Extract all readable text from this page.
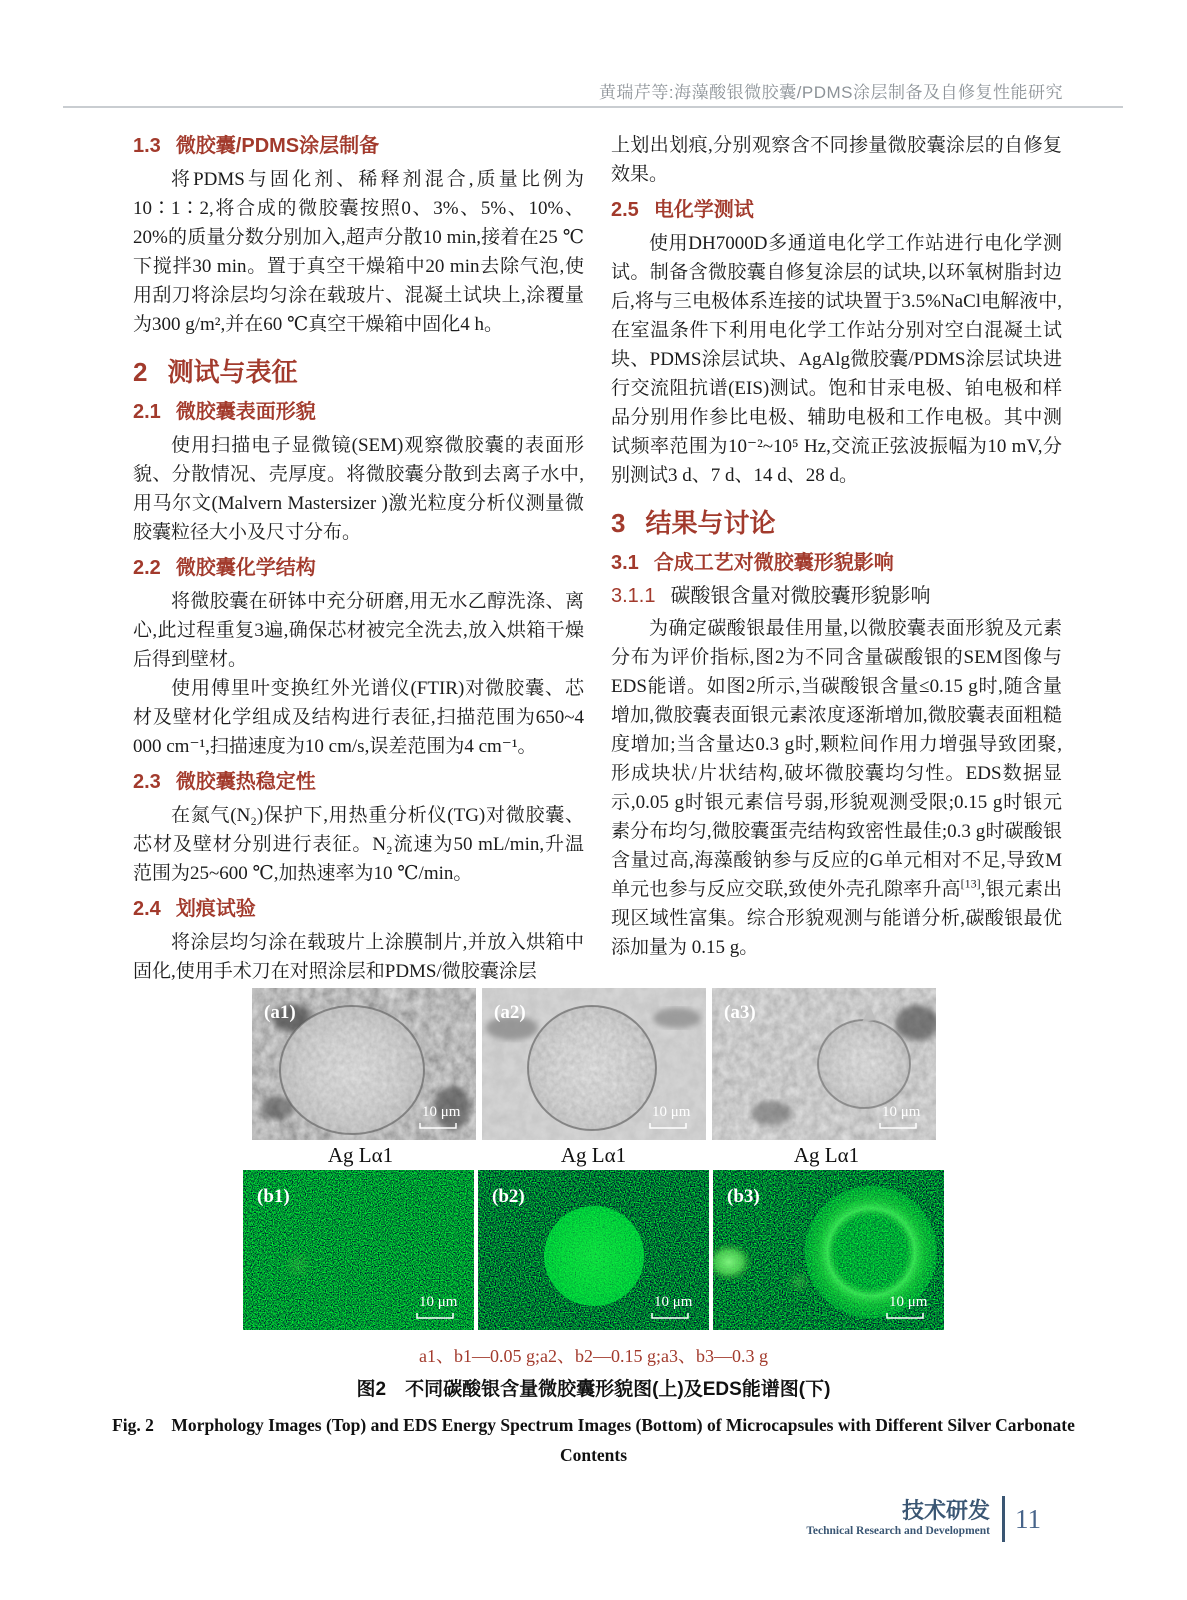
黄瑞芹等:海藻酸银微胶囊/PDMS涂层制备及自修复性能研究
1.3 微胶囊/PDMS涂层制备

将PDMS与固化剂、稀释剂混合,质量比例为10∶1∶2,将合成的微胶囊按照0、3%、5%、10%、20%的质量分数分别加入,超声分散10 min,接着在25 ℃下搅拌30 min。置于真空干燥箱中20 min去除气泡,使用刮刀将涂层均匀涂在载玻片、混凝土试块上,涂覆量为300 g/m²,并在60 ℃真空干燥箱中固化4 h。

2 测试与表征
2.1 微胶囊表面形貌

使用扫描电子显微镜(SEM)观察微胶囊的表面形貌、分散情况、壳厚度。将微胶囊分散到去离子水中,用马尔文(Malvern Mastersizer )激光粒度分析仪测量微胶囊粒径大小及尺寸分布。

2.2 微胶囊化学结构

将微胶囊在研钵中充分研磨,用无水乙醇洗涤、离心,此过程重复3遍,确保芯材被完全洗去,放入烘箱干燥后得到壁材。

使用傅里叶变换红外光谱仪(FTIR)对微胶囊、芯材及壁材化学组成及结构进行表征,扫描范围为650~4 000 cm⁻¹,扫描速度为10 cm/s,误差范围为4 cm⁻¹。

2.3 微胶囊热稳定性

在氮气(N₂)保护下,用热重分析仪(TG)对微胶囊、芯材及壁材分别进行表征。N₂流速为50 mL/min,升温范围为25~600 ℃,加热速率为10 ℃/min。

2.4 划痕试验

将涂层均匀涂在载玻片上涂膜制片,并放入烘箱中固化,使用手术刀在对照涂层和PDMS/微胶囊涂层

上划出划痕,分别观察含不同掺量微胶囊涂层的自修复效果。

2.5 电化学测试

使用DH7000D多通道电化学工作站进行电化学测试。制备含微胶囊自修复涂层的试块,以环氧树脂封边后,将与三电极体系连接的试块置于3.5%NaCl电解液中,在室温条件下利用电化学工作站分别对空白混凝土试块、PDMS涂层试块、AgAlg微胶囊/PDMS涂层试块进行交流阻抗谱(EIS)测试。饱和甘汞电极、铂电极和样品分别用作参比电极、辅助电极和工作电极。其中测试频率范围为10⁻²~10⁵ Hz,交流正弦波振幅为10 mV,分别测试3 d、7 d、14 d、28 d。

3 结果与讨论
3.1 合成工艺对微胶囊形貌影响
3.1.1 碳酸银含量对微胶囊形貌影响

为确定碳酸银最佳用量,以微胶囊表面形貌及元素分布为评价指标,图2为不同含量碳酸银的SEM图像与EDS能谱。如图2所示,当碳酸银含量≤0.15 g时,随含量增加,微胶囊表面银元素浓度逐渐增加,微胶囊表面粗糙度增加;当含量达0.3 g时,颗粒间作用力增强导致团聚,形成块状/片状结构,破坏微胶囊均匀性。EDS数据显示,0.05 g时银元素信号弱,形貌观测受限;0.15 g时银元素分布均匀,微胶囊蛋壳结构致密性最佳;0.3 g时碳酸银含量过高,海藻酸钠参与反应的G单元相对不足,导致M单元也参与反应交联,致使外壳孔隙率升高[13],银元素出现区域性富集。综合形貌观测与能谱分析,碳酸银最优添加量为 0.15 g。

(a1)
10 μm
(a2)
10 μm
(a3)
10 μm
Ag Lα1	Ag Lα1	Ag Lα1
(b1)
10 μm
(b2)
10 μm
(b3)
10 μm
a1、b1—0.05 g;a2、b2—0.15 g;a3、b3—0.3 g
图2　不同碳酸银含量微胶囊形貌图(上)及EDS能谱图(下)
Fig. 2　Morphology Images (Top) and EDS Energy Spectrum Images (Bottom) of Microcapsules with Different Silver Carbonate Contents
技术研发
Technical Research and Development 11
